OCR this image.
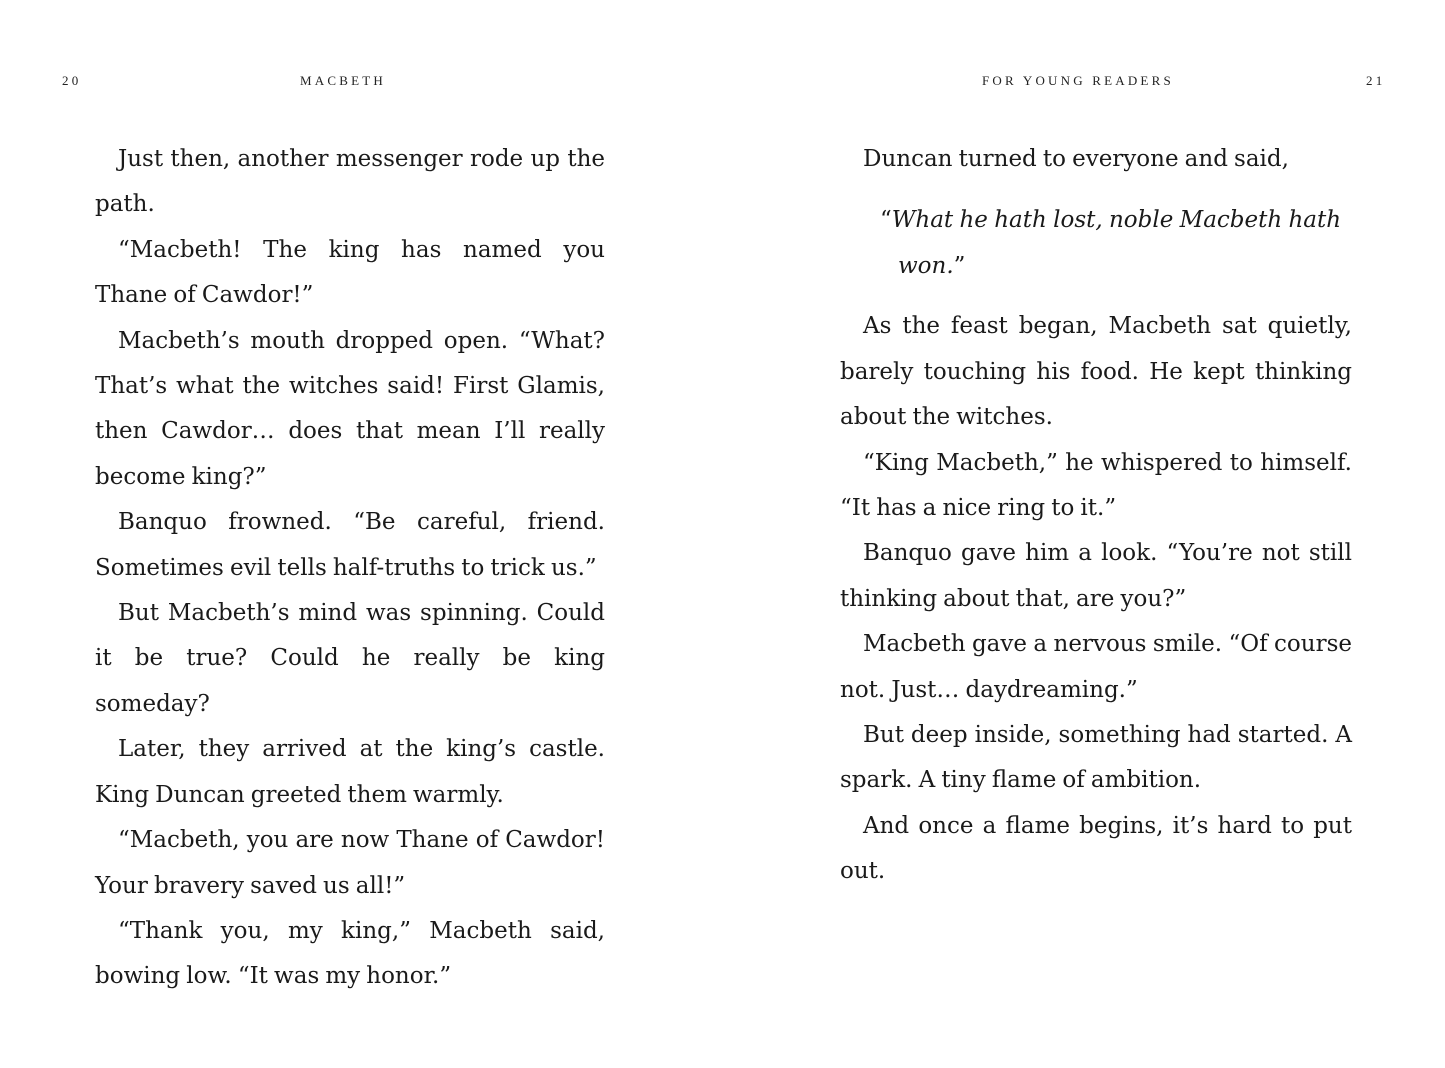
20	MACBETH

Just then, another messenger rode up the path.

“Macbeth! The king has named you Thane of Cawdor!”

Macbeth’s mouth dropped open. “What? That’s what the witches said! First Glamis, then Cawdor… does that mean I’ll really become king?”

Banquo frowned. “Be careful, friend. Sometimes evil tells half-truths to trick us.”

But Macbeth’s mind was spinning. Could it be true? Could he really be king someday?

Later, they arrived at the king’s castle. King Duncan greeted them warmly.

“Macbeth, you are now Thane of Cawdor! Your bravery saved us all!”

“Thank you, my king,” Macbeth said, bowing low. “It was my honor.”

FOR YOUNG READERS	21

Duncan turned to everyone and said,

“What he hath lost, noble Macbeth hath won.”

As the feast began, Macbeth sat quietly, barely touching his food. He kept thinking about the witches.

“King Macbeth,” he whispered to himself. “It has a nice ring to it.”

Banquo gave him a look. “You’re not still thinking about that, are you?”

Macbeth gave a nervous smile. “Of course not. Just… daydreaming.”

But deep inside, something had started. A spark. A tiny flame of ambition.

And once a flame begins, it’s hard to put out.
